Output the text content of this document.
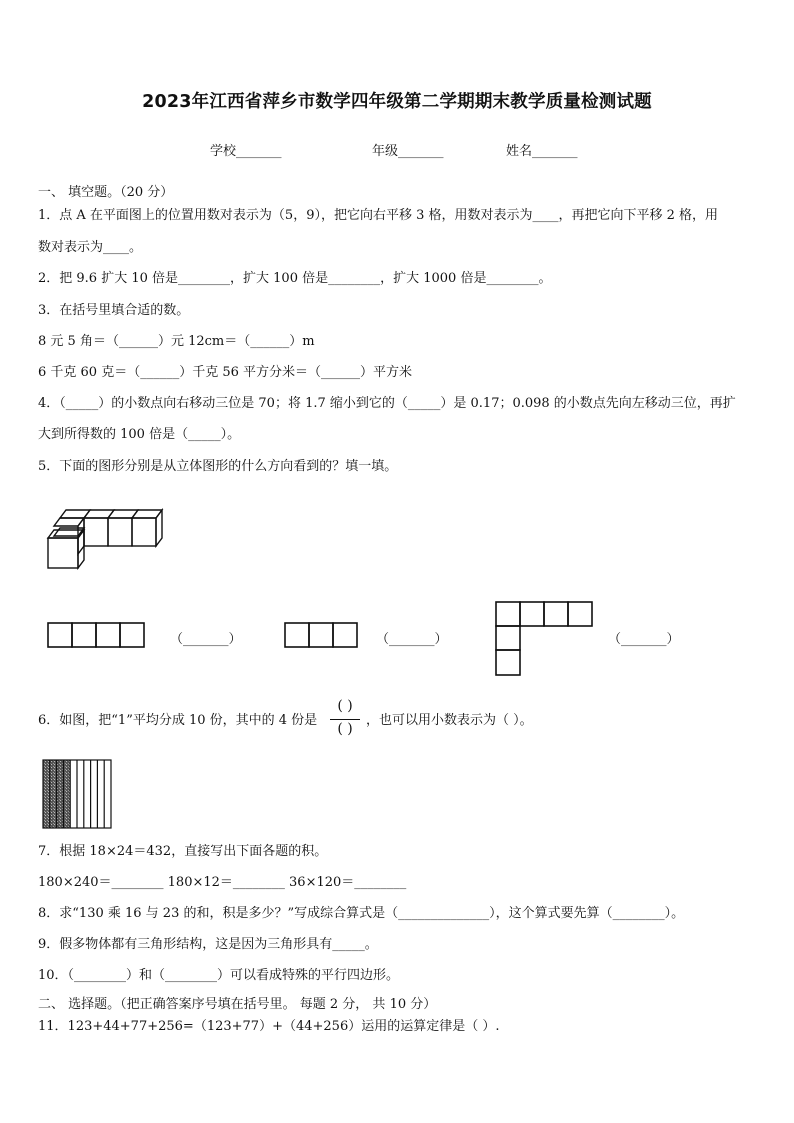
2023年江西省萍乡市数学四年级第二学期期末教学质量检测试题
学校_______	年级_______	姓名_______
一、 填空题。（20 分）
1．点 A 在平面图上的位置用数对表示为（5，9），把它向右平移 3 格，用数对表示为____，再把它向下平移 2 格，用
数对表示为____。
2．把 9.6 扩大 10 倍是________，扩大 100 倍是________，扩大 1000 倍是________。
3．在括号里填合适的数。
8 元 5 角＝（______）元 12cm＝（______）m
6 千克 60 克＝（______）千克 56 平方分米＝（______）平方米
4．（_____）的小数点向右移动三位是 70；将 1.7 缩小到它的（_____）是 0.17；0.098 的小数点先向左移动三位，再扩
大到所得数的 100 倍是（_____）。
5．下面的图形分别是从立体图形的什么方向看到的？填一填。
（_______）	（_______）	（_______）
6．如图，把“1”平均分成 10 份，其中的 4 份是
( )
( )
，也可以用小数表示为（ ）。
7．根据 18×24＝432，直接写出下面各题的积。
180×240＝________ 180×12＝________ 36×120＝________
8．求“130 乘 16 与 23 的和，积是多少？”写成综合算式是（______________），这个算式要先算（________）。
9．假多物体都有三角形结构，这是因为三角形具有_____。
10．（________）和（________）可以看成特殊的平行四边形。
二、 选择题。（把正确答案序号填在括号里。 每题 2 分， 共 10 分）
11．123+44+77+256=（123+77）+（44+256）运用的运算定律是（ ）.
